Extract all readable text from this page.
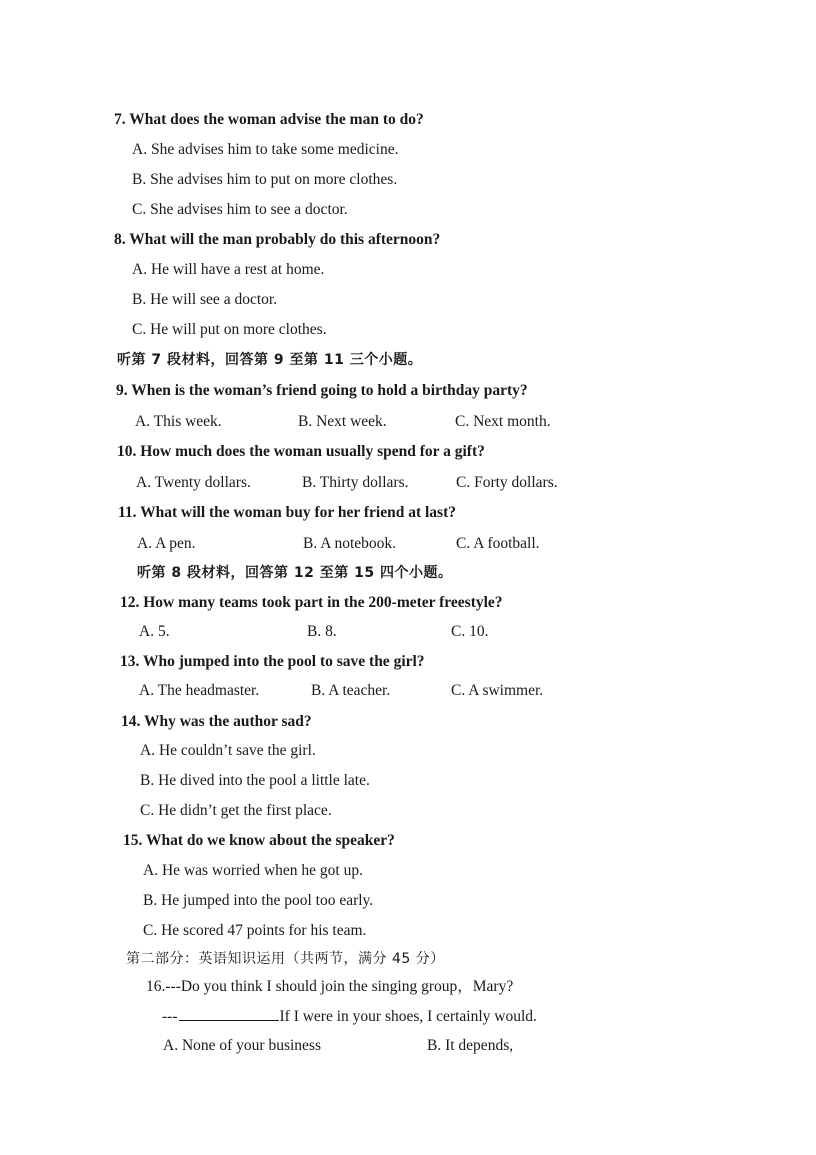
7. What does the woman advise the man to do?
A. She advises him to take some medicine.
B. She advises him to put on more clothes.
C. She advises him to see a doctor.
8. What will the man probably do this afternoon?
A. He will have a rest at home.
B. He will see a doctor.
C. He will put on more clothes.
听第 7 段材料，回答第 9 至第 11 三个小题。
9. When is the woman’s friend going to hold a birthday party?
A. This week.	B. Next week.	C. Next month.
10. How much does the woman usually spend for a gift?
A. Twenty dollars.	B. Thirty dollars.	C. Forty dollars.
11. What will the woman buy for her friend at last?
A. A pen.	B. A notebook.	C. A football.
听第 8 段材料，回答第 12 至第 15 四个小题。
12. How many teams took part in the 200-meter freestyle?
A. 5.	B. 8.	C. 10.
13. Who jumped into the pool to save the girl?
A. The headmaster.	B. A teacher.	C. A swimmer.
14. Why was the author sad?
A. He couldn’t save the girl.
B. He dived into the pool a little late.
C. He didn’t get the first place.
15. What do we know about the speaker?
A. He was worried when he got up.
B. He jumped into the pool too early.
C. He scored 47 points for his team.
第二部分：英语知识运用（共两节，满分 45 分）
16.---Do you think I should join the singing group，Mary?
---	If I were in your shoes, I certainly would.
A. None of your business	B. It depends,
